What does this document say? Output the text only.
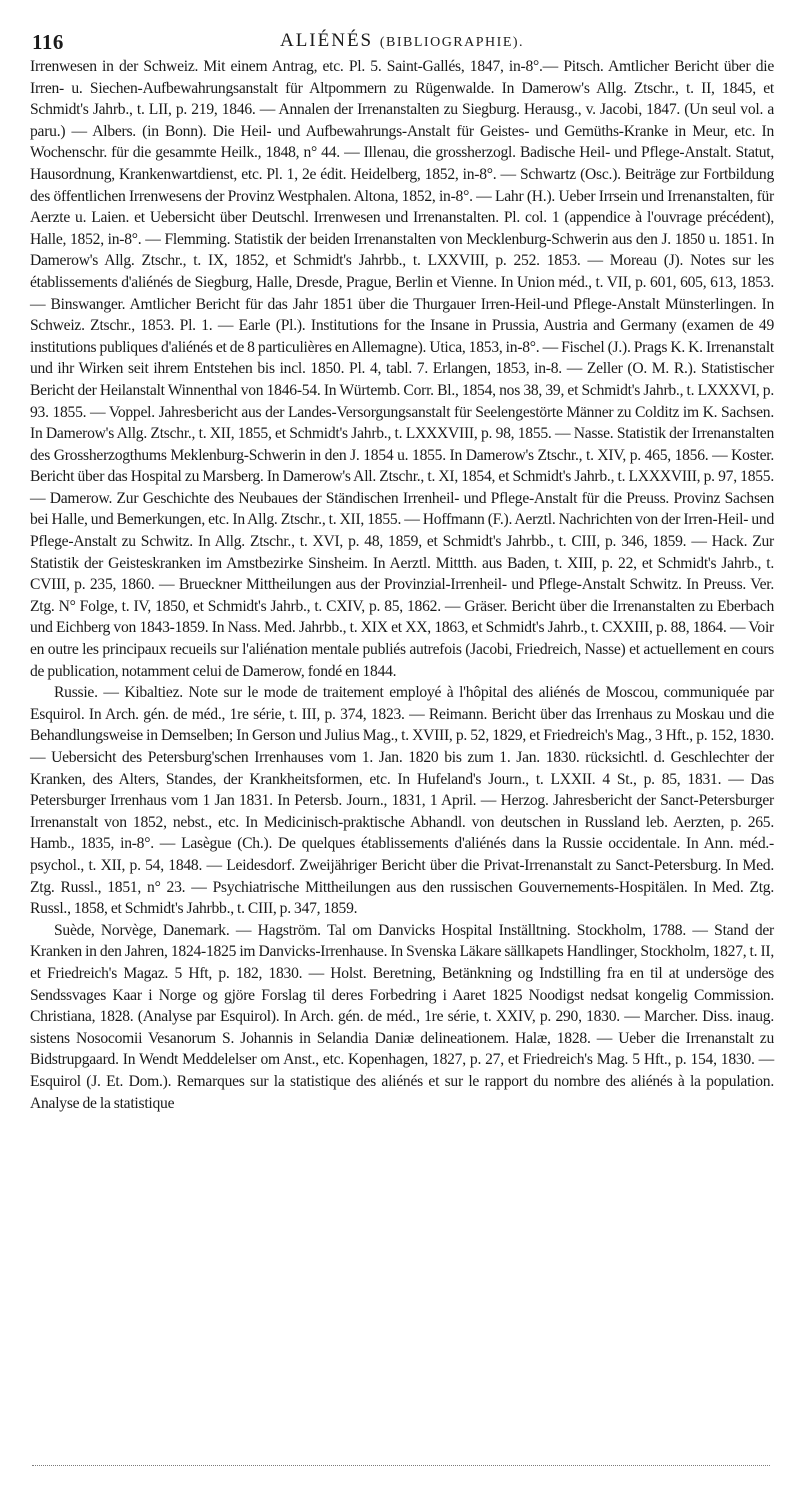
116	ALIÉNÉS (BIBLIOGRAPHIE).

Irrenwesen in der Schweiz. Mit einem Antrag, etc. Pl. 5. Saint-Gallés, 1847, in-8°.— Pitsch. Amtlicher Bericht über die Irren- u. Siechen-Aufbewahrungsanstalt für Altpommern zu Rügenwalde. In Damerow's Allg. Ztschr., t. II, 1845, et Schmidt's Jahrb., t. LII, p. 219, 1846. — Annalen der Irrenanstalten zu Siegburg. Herausg., v. Jacobi, 1847. (Un seul vol. a paru.) — Albers. (in Bonn). Die Heil- und Aufbewahrungs-Anstalt für Geistes- und Gemüths-Kranke in Meur, etc. In Wochenschr. für die gesammte Heilk., 1848, n° 44. — Illenau, die grossherzogl. Badische Heil- und Pflege-Anstalt. Statut, Hausordnung, Krankenwartdienst, etc. Pl. 1, 2e édit. Heidelberg, 1852, in-8°. — Schwartz (Osc.). Beiträge zur Fortbildung des öffentlichen Irrenwesens der Provinz Westphalen. Altona, 1852, in-8°. — Lahr (H.). Ueber Irrsein und Irrenanstalten, für Aerzte u. Laien. et Uebersicht über Deutschl. Irrenwesen und Irrenanstalten. Pl. col. 1 (appendice à l'ouvrage précédent), Halle, 1852, in-8°. — Flemming. Statistik der beiden Irrenanstalten von Mecklenburg-Schwerin aus den J. 1850 u. 1851. In Damerow's Allg. Ztschr., t. IX, 1852, et Schmidt's Jahrbb., t. LXXVIII, p. 252. 1853. — Moreau (J). Notes sur les établissements d'aliénés de Siegburg, Halle, Dresde, Prague, Berlin et Vienne. In Union méd., t. VII, p. 601, 605, 613, 1853. — Binswanger. Amtlicher Bericht für das Jahr 1851 über die Thurgauer Irren-Heil-und Pflege-Anstalt Münsterlingen. In Schweiz. Ztschr., 1853. Pl. 1. — Earle (Pl.). Institutions for the Insane in Prussia, Austria and Germany (examen de 49 institutions publiques d'aliénés et de 8 particulières en Allemagne). Utica, 1853, in-8°. — Fischel (J.). Prags K. K. Irrenanstalt und ihr Wirken seit ihrem Entstehen bis incl. 1850. Pl. 4, tabl. 7. Erlangen, 1853, in-8. — Zeller (O. M. R.). Statistischer Bericht der Heilanstalt Winnenthal von 1846-54. In Würtemb. Corr. Bl., 1854, nos 38, 39, et Schmidt's Jahrb., t. LXXXVI, p. 93. 1855. — Voppel. Jahresbericht aus der Landes-Versorgungsanstalt für Seelengestörte Männer zu Colditz im K. Sachsen. In Damerow's Allg. Ztschr., t. XII, 1855, et Schmidt's Jahrb., t. LXXXVIII, p. 98, 1855. — Nasse. Statistik der Irrenanstalten des Grossherzogthums Meklenburg-Schwerin in den J. 1854 u. 1855. In Damerow's Ztschr., t. XIV, p. 465, 1856. — Koster. Bericht über das Hospital zu Marsberg. In Damerow's All. Ztschr., t. XI, 1854, et Schmidt's Jahrb., t. LXXXVIII, p. 97, 1855. — Damerow. Zur Geschichte des Neubaues der Ständischen Irrenheil- und Pflege-Anstalt für die Preuss. Provinz Sachsen bei Halle, und Bemerkungen, etc. In Allg. Ztschr., t. XII, 1855. — Hoffmann (F.). Aerztl. Nachrichten von der Irren-Heil- und Pflege-Anstalt zu Schwitz. In Allg. Ztschr., t. XVI, p. 48, 1859, et Schmidt's Jahrbb., t. CIII, p. 346, 1859. — Hack. Zur Statistik der Geisteskranken im Amstbezirke Sinsheim. In Aerztl. Mittth. aus Baden, t. XIII, p. 22, et Schmidt's Jahrb., t. CVIII, p. 235, 1860. — Brueckner Mittheilungen aus der Provinzial-Irrenheil- und Pflege-Anstalt Schwitz. In Preuss. Ver. Ztg. N° Folge, t. IV, 1850, et Schmidt's Jahrb., t. CXIV, p. 85, 1862. — Gräser. Bericht über die Irrenanstalten zu Eberbach und Eichberg von 1843-1859. In Nass. Med. Jahrbb., t. XIX et XX, 1863, et Schmidt's Jahrb., t. CXXIII, p. 88, 1864. — Voir en outre les principaux recueils sur l'aliénation mentale publiés autrefois (Jacobi, Friedreich, Nasse) et actuellement en cours de publication, notamment celui de Damerow, fondé en 1844.

Russie. — Kibaltiez. Note sur le mode de traitement employé à l'hôpital des aliénés de Moscou, communiquée par Esquirol. In Arch. gén. de méd., 1re série, t. III, p. 374, 1823. — Reimann. Bericht über das Irrenhaus zu Moskau und die Behandlungsweise in Demselben; In Gerson und Julius Mag., t. XVIII, p. 52, 1829, et Friedreich's Mag., 3 Hft., p. 152, 1830. — Uebersicht des Petersburg'schen Irrenhauses vom 1. Jan. 1820 bis zum 1. Jan. 1830. rücksichtl. d. Geschlechter der Kranken, des Alters, Standes, der Krankheitsformen, etc. In Hufeland's Journ., t. LXXII. 4 St., p. 85, 1831. — Das Petersburger Irrenhaus vom 1 Jan 1831. In Petersb. Journ., 1831, 1 April. — Herzog. Jahresbericht der Sanct-Petersburger Irrenanstalt von 1852, nebst., etc. In Medicinisch-praktische Abhandl. von deutschen in Russland leb. Aerzten, p. 265. Hamb., 1835, in-8°. — Lasègue (Ch.). De quelques établissements d'aliénés dans la Russie occidentale. In Ann. méd.-psychol., t. XII, p. 54, 1848. — Leidesdorf. Zweijähriger Bericht über die Privat-Irrenanstalt zu Sanct-Petersburg. In Med. Ztg. Russl., 1851, n° 23. — Psychiatrische Mittheilungen aus den russischen Gouvernements-Hospitälen. In Med. Ztg. Russl., 1858, et Schmidt's Jahrbb., t. CIII, p. 347, 1859.

Suède, Norvège, Danemark. — Hagström. Tal om Danvicks Hospital Inställtning. Stockholm, 1788. — Stand der Kranken in den Jahren, 1824-1825 im Danvicks-Irrenhause. In Svenska Läkare sällkapets Handlinger, Stockholm, 1827, t. II, et Friedreich's Magaz. 5 Hft, p. 182, 1830. — Holst. Beretning, Betänkning og Indstilling fra en til at undersöge des Sendssvages Kaar i Norge og gjöre Forslag til deres Forbedring i Aaret 1825 Noodigst nedsat kongelig Commission. Christiana, 1828. (Analyse par Esquirol). In Arch. gén. de méd., 1re série, t. XXIV, p. 290, 1830. — Marcher. Diss. inaug. sistens Nosocomii Vesanorum S. Johannis in Selandia Daniæ delineationem. Halæ, 1828. — Ueber die Irrenanstalt zu Bidstrupgaard. In Wendt Meddelelser om Anst., etc. Kopenhagen, 1827, p. 27, et Friedreich's Mag. 5 Hft., p. 154, 1830. — Esquirol (J. Et. Dom.). Remarques sur la statistique des aliénés et sur le rapport du nombre des aliénés à la population. Analyse de la statistique
